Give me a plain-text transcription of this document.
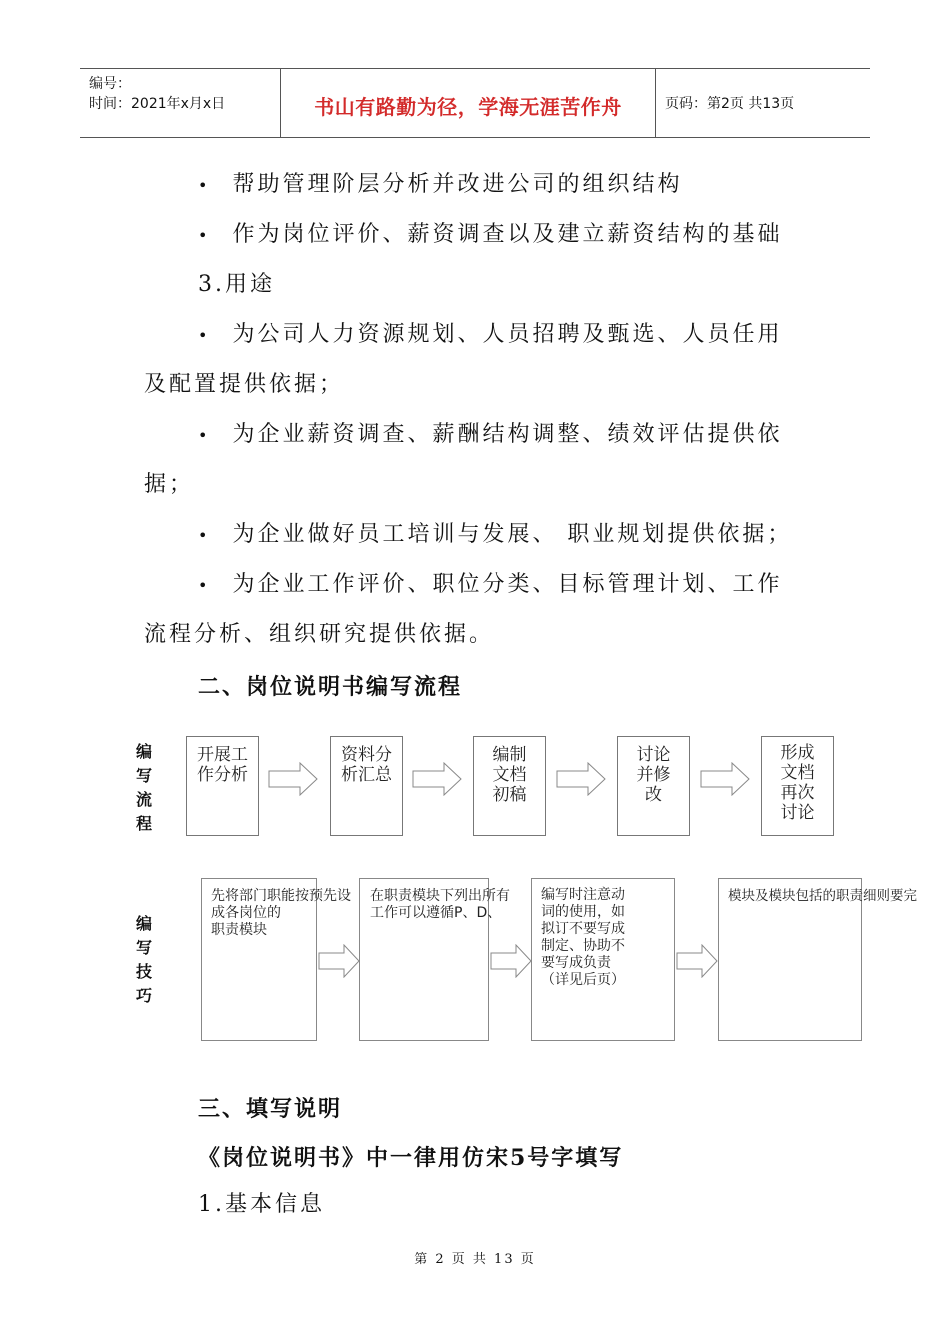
编号：
时间：2021年x月x日	书山有路勤为径，学海无涯苦作舟	页码：第2页 共13页
• 帮助管理阶层分析并改进公司的组织结构
• 作为岗位评价、薪资调查以及建立薪资结构的基础
3.用途
• 为公司人力资源规划、人员招聘及甄选、人员任用
及配置提供依据；
• 为企业薪资调查、薪酬结构调整、绩效评估提供依
据；
• 为企业做好员工培训与发展、 职业规划提供依据；
• 为企业工作评价、职位分类、目标管理计划、工作
流程分析、组织研究提供依据。
二、岗位说明书编写流程
编
写
流
程
开展工
作分析
资料分
析汇总
编制
文档
初稿
讨论
并修
改
形成
文档
再次
讨论
编
写
技
巧
先将部门职能按预先设
成各岗位的
职责模块
在职责模块下列出所有
工作可以遵循P、D、
编写时注意动
词的使用，如
拟订不要写成
制定、协助不
要写成负责
（详见后页）
模块及模块包括的职责细则要完
三、填写说明
《岗位说明书》中一律用仿宋5号字填写
1.基本信息
第 2 页 共 13 页
